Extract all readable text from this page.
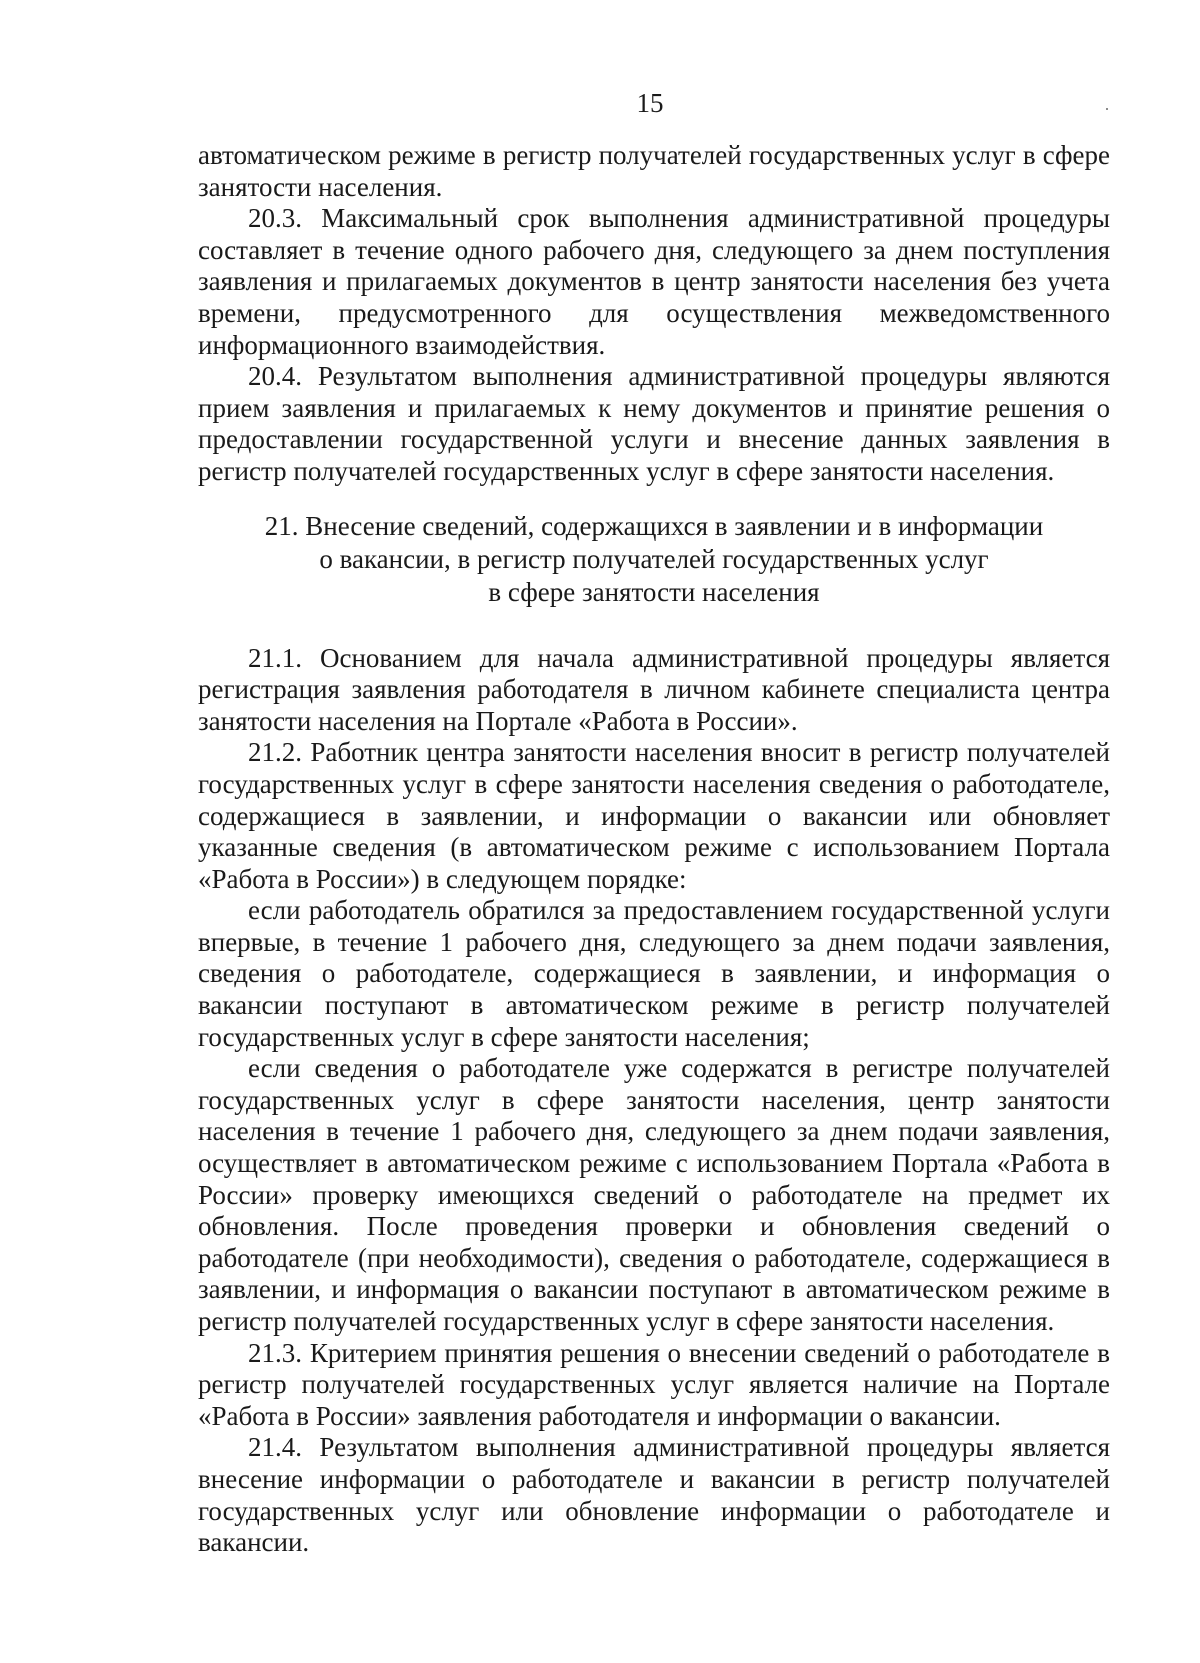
15

автоматическом режиме в регистр получателей государственных услуг в сфере занятости населения.

20.3. Максимальный срок выполнения административной процедуры составляет в течение одного рабочего дня, следующего за днем поступления заявления и прилагаемых документов в центр занятости населения без учета времени, предусмотренного для осуществления межведомственного информационного взаимодействия.

20.4. Результатом выполнения административной процедуры являются прием заявления и прилагаемых к нему документов и принятие решения о предоставлении государственной услуги и внесение данных заявления в регистр получателей государственных услуг в сфере занятости населения.

21. Внесение сведений, содержащихся в заявлении и в информации
о вакансии, в регистр получателей государственных услуг
в сфере занятости населения

21.1. Основанием для начала административной процедуры является регистрация заявления работодателя в личном кабинете специалиста центра занятости населения на Портале «Работа в России».

21.2. Работник центра занятости населения вносит в регистр получателей государственных услуг в сфере занятости населения сведения о работодателе, содержащиеся в заявлении, и информации о вакансии или обновляет указанные сведения (в автоматическом режиме с использованием Портала «Работа в России») в следующем порядке:

если работодатель обратился за предоставлением государственной услуги впервые, в течение 1 рабочего дня, следующего за днем подачи заявления, сведения о работодателе, содержащиеся в заявлении, и информация о вакансии поступают в автоматическом режиме в регистр получателей государственных услуг в сфере занятости населения;

если сведения о работодателе уже содержатся в регистре получателей государственных услуг в сфере занятости населения, центр занятости населения в течение 1 рабочего дня, следующего за днем подачи заявления, осуществляет в автоматическом режиме с использованием Портала «Работа в России» проверку имеющихся сведений о работодателе на предмет их обновления. После проведения проверки и обновления сведений о работодателе (при необходимости), сведения о работодателе, содержащиеся в заявлении, и информация о вакансии поступают в автоматическом режиме в регистр получателей государственных услуг в сфере занятости населения.

21.3. Критерием принятия решения о внесении сведений о работодателе в регистр получателей государственных услуг является наличие на Портале «Работа в России» заявления работодателя и информации о вакансии.

21.4. Результатом выполнения административной процедуры является внесение информации о работодателе и вакансии в регистр получателей государственных услуг или обновление информации о работодателе и вакансии.
